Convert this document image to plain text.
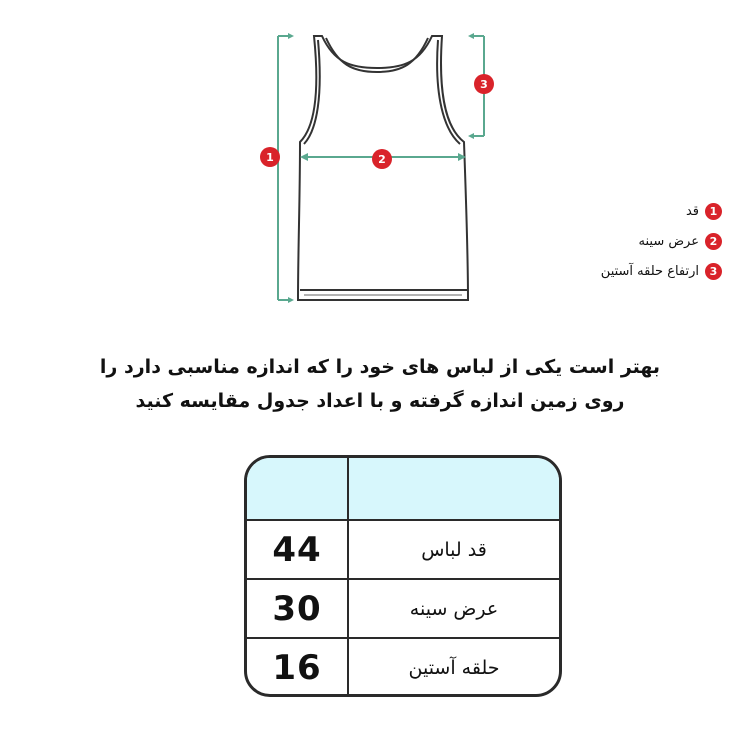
1	2
3
1
قد
2
عرض سینه
3
ارتفاع حلقه آستین
بهتر است یکی از لباس های خود را که اندازه مناسبی دارد را
روی زمین اندازه گرفته و با اعداد جدول مقایسه کنید
44	قد لباس
30	عرض سینه
16	حلقه آستین
